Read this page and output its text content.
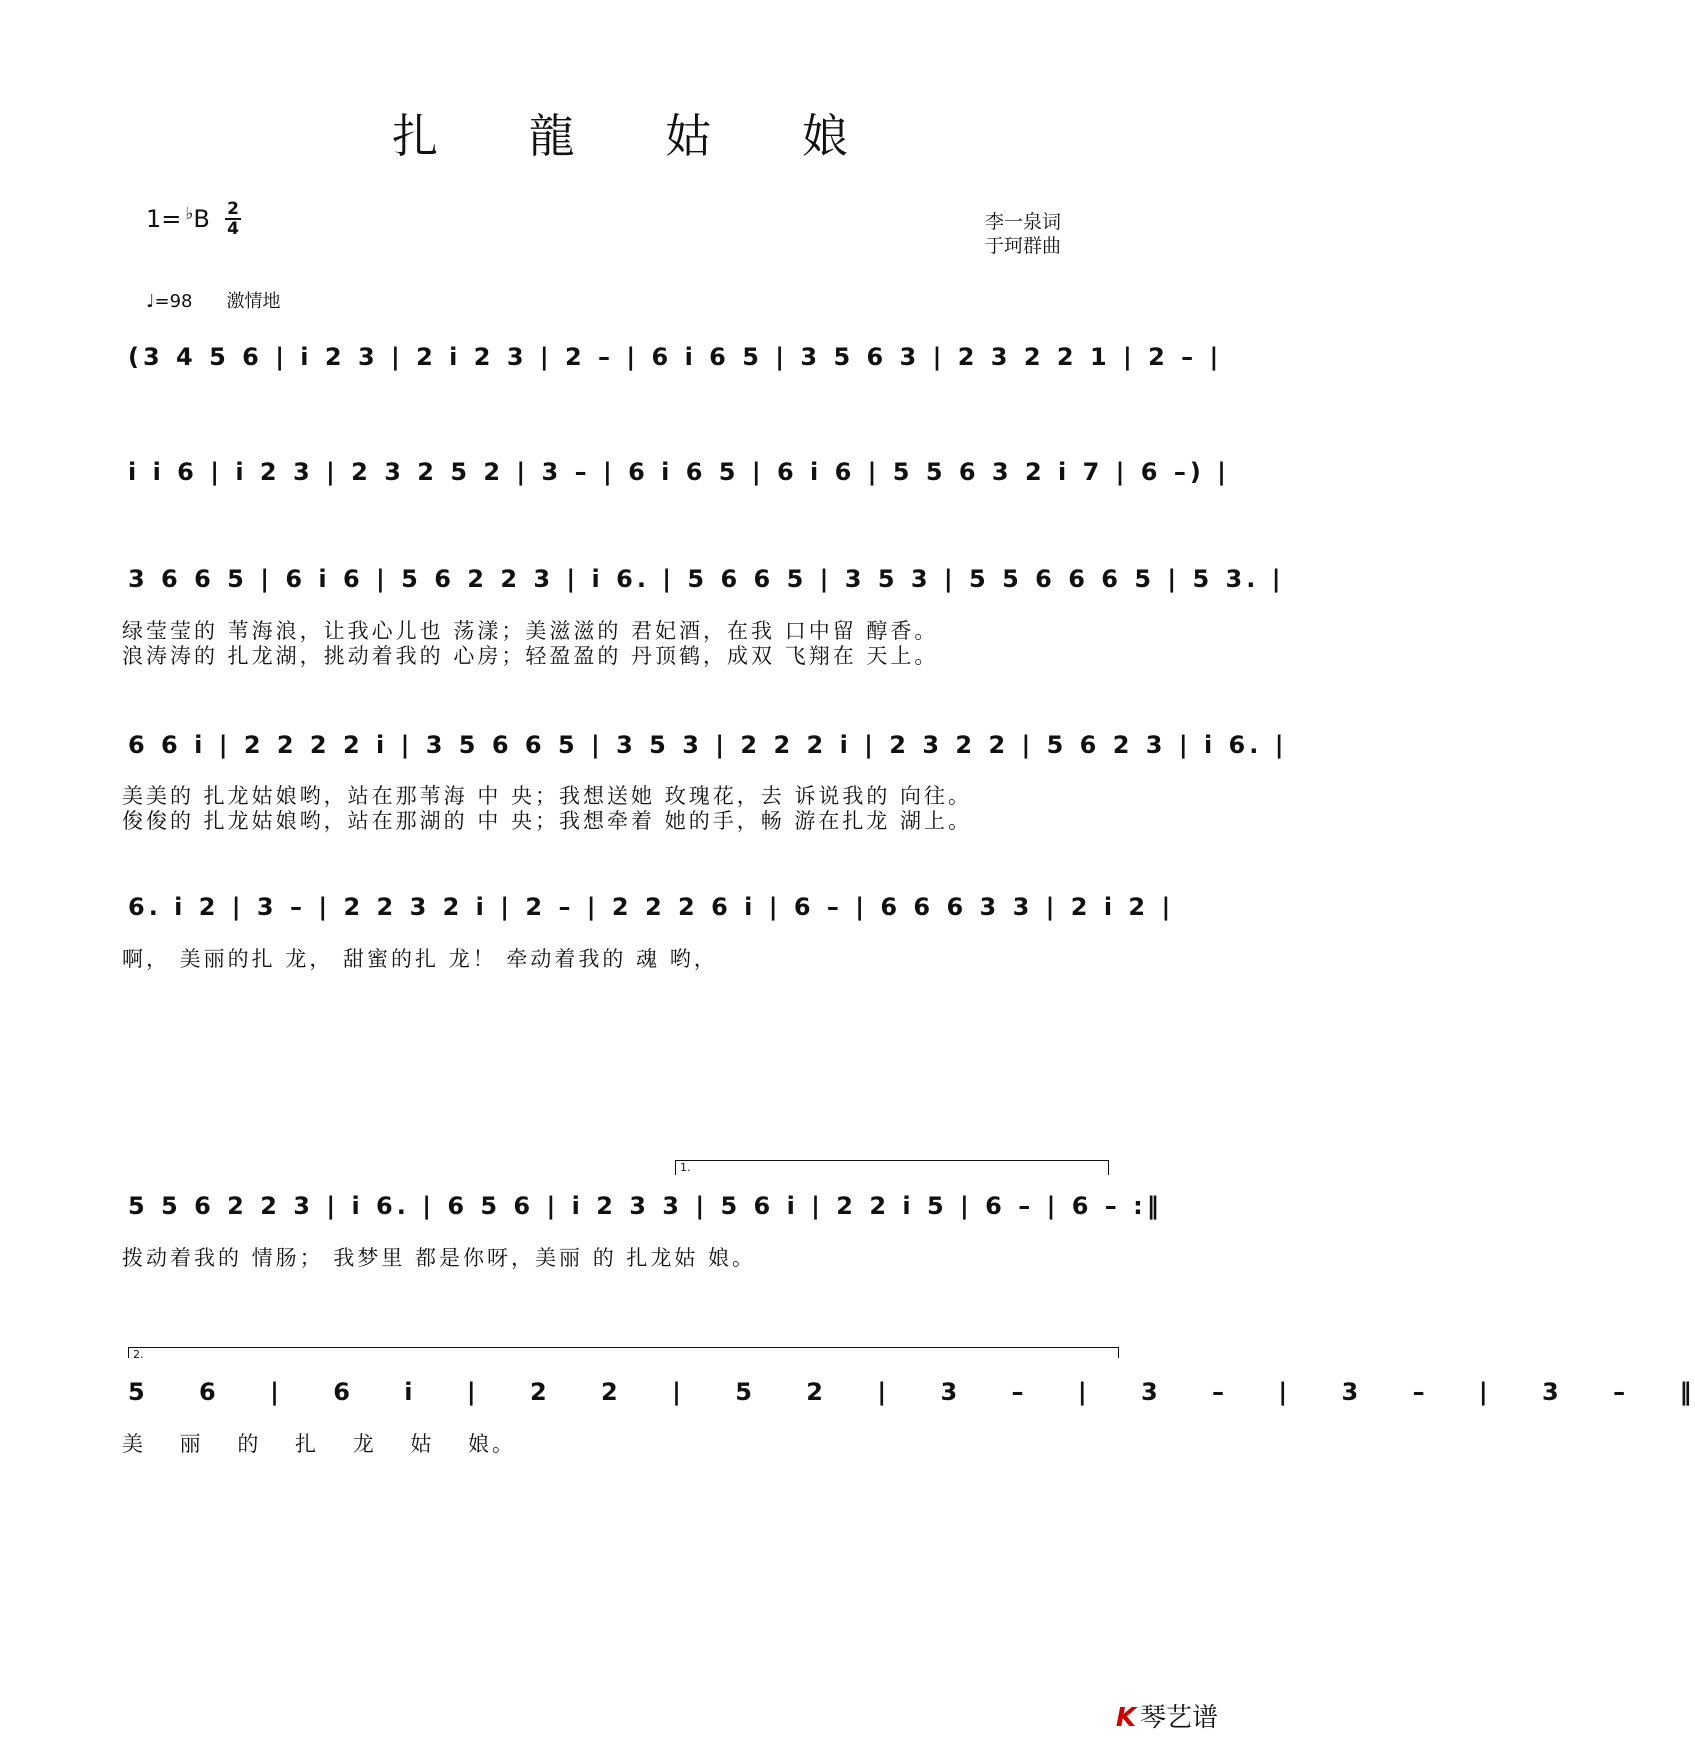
扎 龍 姑 娘
1= ♭B 2
4	李一泉词
于珂群曲
♩=98 激情地
(3 4 5 6 | i 2 3 | 2 i 2 3 | 2 – | 6 i 6 5 | 3 5 6 3 | 2 3 2 2 1 | 2 – |
i i 6 | i 2 3 | 2 3 2 5 2 | 3 – | 6 i 6 5 | 6 i 6 | 5 5 6 3 2 i 7 | 6 –) |
3 6 6 5 | 6 i 6 | 5 6 2 2 3 | i 6. | 5 6 6 5 | 3 5 3 | 5 5 6 6 6 5 | 5 3. |
绿莹莹的 苇海浪，让我心儿也 荡漾；美滋滋的 君妃酒，在我 口中留 醇香。
浪涛涛的 扎龙湖，挑动着我的 心房；轻盈盈的 丹顶鹤，成双 飞翔在 天上。
6 6 i | 2 2 2 2 i | 3 5 6 6 5 | 3 5 3 | 2 2 2 i | 2 3 2 2 | 5 6 2 3 | i 6. |
美美的 扎龙姑娘哟，站在那苇海 中 央；我想送她 玫瑰花，去 诉说我的 向往。
俊俊的 扎龙姑娘哟，站在那湖的 中 央；我想牵着 她的手，畅 游在扎龙 湖上。
6. i 2 | 3 – | 2 2 3 2 i | 2 – | 2 2 2 6 i | 6 – | 6 6 6 3 3 | 2 i 2 |
啊， 美丽的扎 龙， 甜蜜的扎 龙！ 牵动着我的 魂 哟，
1.
5 5 6 2 2 3 | i 6. | 6 5 6 | i 2 3 3 | 5 6 i | 2 2 i 5 | 6 – | 6 – :‖
拨动着我的 情肠； 我梦里 都是你呀，美丽 的 扎龙姑 娘。
2.
5 6 | 6 i | 2 2 | 5 2 | 3 – | 3 – | 3 – | 3 – ‖
美 丽 的 扎 龙 姑 娘。
K 琴艺谱
